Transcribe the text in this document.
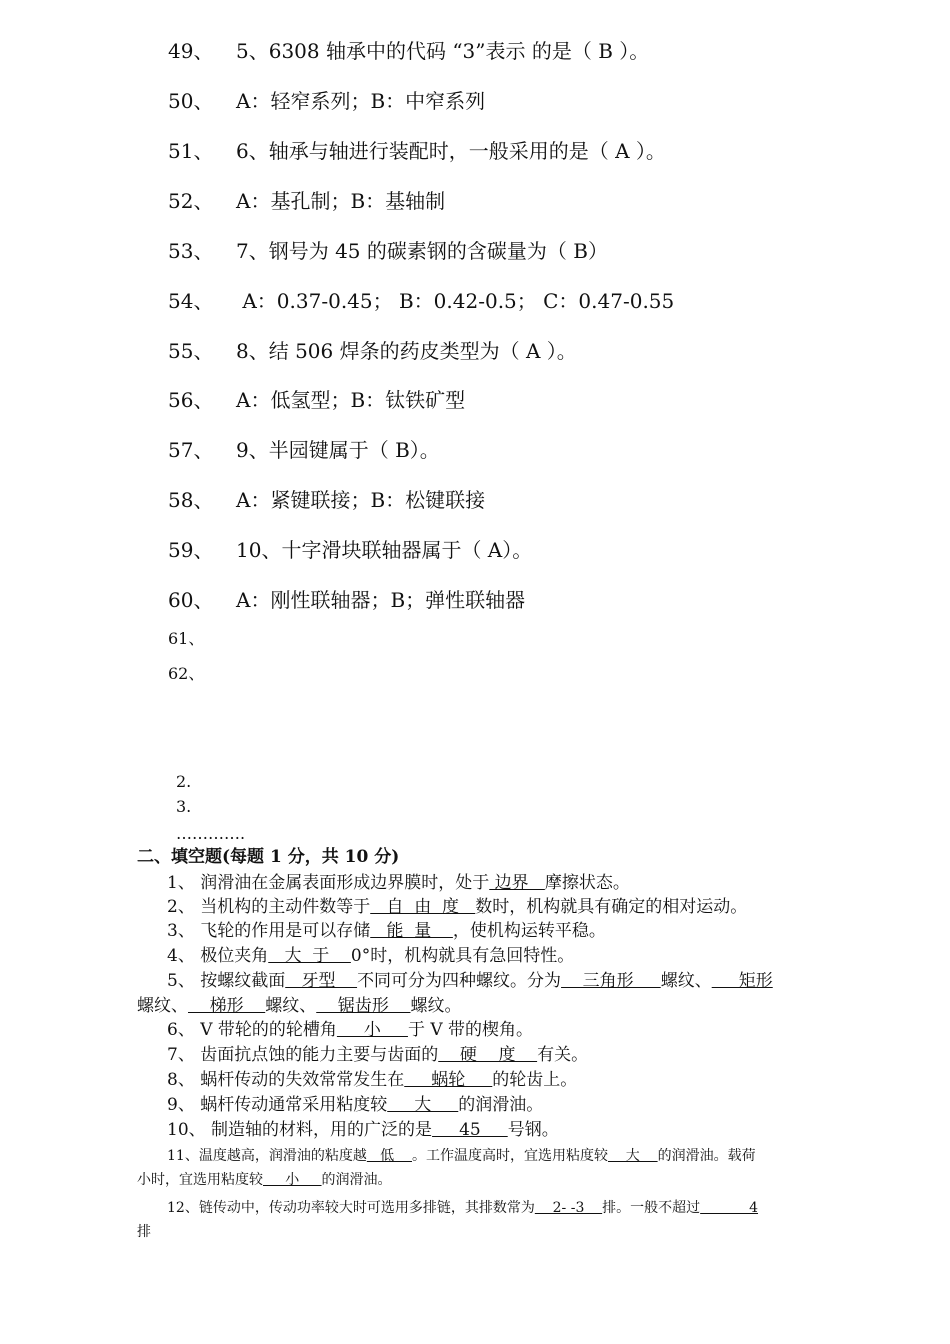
49、 5、6308 轴承中的代码 “3”表示 的是（ B ）。
50、 A：轻窄系列；B：中窄系列
51、 6、轴承与轴进行装配时，一般采用的是（ A ）。
52、 A：基孔制；B：基轴制
53、 7、钢号为 45 的碳素钢的含碳量为（ B）
54、 A：0.37-0.45； B：0.42-0.5； C：0.47-0.55
55、 8、结 506 焊条的药皮类型为（ A ）。
56、 A：低氢型；B：钛铁矿型
57、 9、半园键属于（ B）。
58、 A：紧键联接；B：松键联接
59、 10、十字滑块联轴器属于（ A）。
60、 A：刚性联轴器；B；弹性联轴器
61、
62、
2.
3.
………….
二、填空题(每题 1 分，共 10 分)
1、 润滑油在金属表面形成边界膜时，处于 边界   摩擦状态。
2、 当机构的主动件数等于   自  由  度   数时，机构就具有确定的相对运动。
3、 飞轮的作用是可以存储   能  量    ，使机构运转平稳。
4、 极位夹角   大  于    0°时，机构就具有急回特性。
5、 按螺纹截面   牙型    不同可分为四种螺纹。分为    三角形     螺纹、     矩形
螺纹、    梯形    螺纹、    锯齿形    螺纹。
6、 V 带轮的的轮槽角     小     于 V 带的楔角。
7、 齿面抗点蚀的能力主要与齿面的    硬    度    有关。
8、 蜗杆传动的失效常常发生在     蜗轮     的轮齿上。
9、 蜗杆传动通常采用粘度较     大     的润滑油。
10、 制造轴的材料，用的广泛的是     45     号钢。
11、温度越高，润滑油的粘度越   低    。工作温度高时，宜选用粘度较    大    的润滑油。载荷
小时，宜选用粘度较     小     的润滑油。
12、链传动中，传动功率较大时可选用多排链，其排数常为    2- -3    排。一般不超过           4
排
